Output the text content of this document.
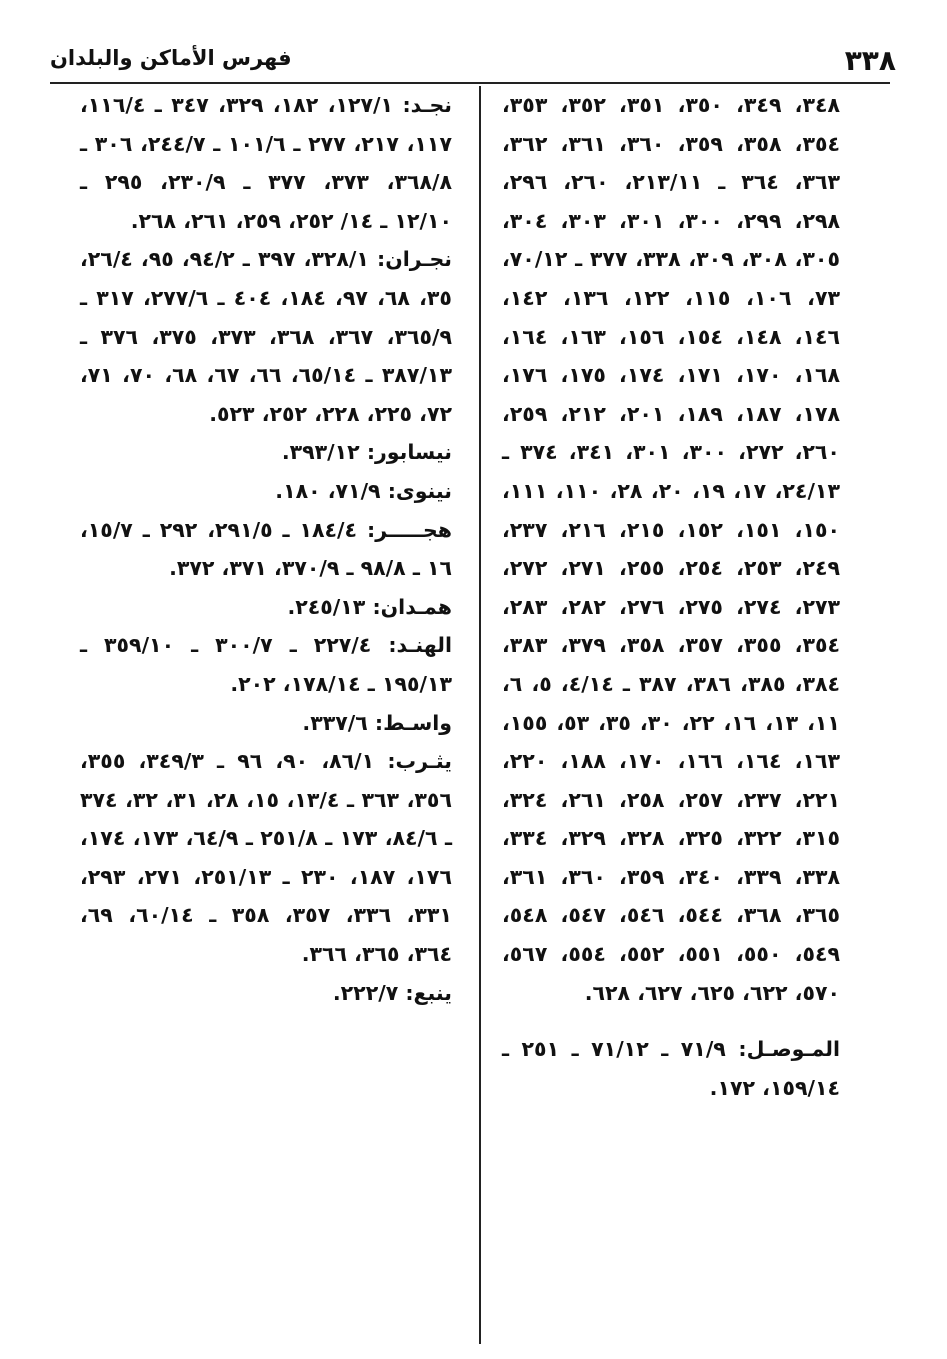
٣٣٨
فهرس الأماكن والبلدان

٣٤٨، ٣٤٩، ٣٥٠، ٣٥١، ٣٥٢، ٣٥٣، ٣٥٤، ٣٥٨، ٣٥٩، ٣٦٠، ٣٦١، ٣٦٢، ٣٦٣، ٣٦٤ ـ ٢١٣/١١، ٢٦٠، ٢٩٦، ٢٩٨، ٢٩٩، ٣٠٠، ٣٠١، ٣٠٣، ٣٠٤، ٣٠٥، ٣٠٨، ٣٠٩، ٣٣٨، ٣٧٧ ـ ٧٠/١٢، ٧٣، ١٠٦، ١١٥، ١٢٢، ١٣٦، ١٤٢، ١٤٦، ١٤٨، ١٥٤، ١٥٦، ١٦٣، ١٦٤، ١٦٨، ١٧٠، ١٧١، ١٧٤، ١٧٥، ١٧٦، ١٧٨، ١٨٧، ١٨٩، ٢٠١، ٢١٢، ٢٥٩، ٢٦٠، ٢٧٢، ٣٠٠، ٣٠١، ٣٤١، ٣٧٤ ـ ٢٤/١٣، ١٧، ١٩، ٢٠، ٢٨، ١١٠، ١١١، ١٥٠، ١٥١، ١٥٢، ٢١٥، ٢١٦، ٢٣٧، ٢٤٩، ٢٥٣، ٢٥٤، ٢٥٥، ٢٧١، ٢٧٢، ٢٧٣، ٢٧٤، ٢٧٥، ٢٧٦، ٢٨٢، ٢٨٣، ٣٥٤، ٣٥٥، ٣٥٧، ٣٥٨، ٣٧٩، ٣٨٣، ٣٨٤، ٣٨٥، ٣٨٦، ٣٨٧ ـ ٤/١٤، ٥، ٦، ١١، ١٣، ١٦، ٢٢، ٣٠، ٣٥، ٥٣، ١٥٥، ١٦٣، ١٦٤، ١٦٦، ١٧٠، ١٨٨، ٢٢٠، ٢٢١، ٢٣٧، ٢٥٧، ٢٥٨، ٢٦١، ٣٢٤، ٣١٥، ٣٢٢، ٣٢٥، ٣٢٨، ٣٢٩، ٣٣٤، ٣٣٨، ٣٣٩، ٣٤٠، ٣٥٩، ٣٦٠، ٣٦١، ٣٦٥، ٣٦٨، ٥٤٤، ٥٤٦، ٥٤٧، ٥٤٨، ٥٤٩، ٥٥٠، ٥٥١، ٥٥٢، ٥٥٤، ٥٦٧، ٥٧٠، ٦٢٢، ٦٢٥، ٦٢٧، ٦٢٨.

المـوصـل: ٧١/٩ ـ ٧١/١٢ ـ ٢٥١ ـ ١٥٩/١٤، ١٧٢.

نجـد: ١٢٧/١، ١٨٢، ٣٢٩، ٣٤٧ ـ ١١٦/٤، ١١٧، ٢١٧، ٢٧٧ ـ ١٠١/٦ ـ ٢٤٤/٧، ٣٠٦ ـ ٣٦٨/٨، ٣٧٣، ٣٧٧ ـ ٢٣٠/٩، ٢٩٥ ـ ١٢/١٠ ـ ١٤/ ٢٥٢، ٢٥٩، ٢٦١، ٢٦٨.

نجـران: ٣٢٨/١، ٣٩٧ ـ ٩٤/٢، ٩٥، ٢٦/٤، ٣٥، ٦٨، ٩٧، ١٨٤، ٤٠٤ ـ ٢٧٧/٦، ٣١٧ ـ ٣٦٥/٩، ٣٦٧، ٣٦٨، ٣٧٣، ٣٧٥، ٣٧٦ ـ ٣٨٧/١٣ ـ ٦٥/١٤، ٦٦، ٦٧، ٦٨، ٧٠، ٧١، ٧٢، ٢٢٥، ٢٢٨، ٢٥٢، ٥٢٣.

نيسابور: ٣٩٣/١٢.

نينوى: ٧١/٩، ١٨٠.

هجـــــر: ١٨٤/٤ ـ ٢٩١/٥، ٢٩٢ ـ ١٥/٧، ١٦ ـ ٩٨/٨ ـ ٣٧٠/٩، ٣٧١، ٣٧٢.

همـدان: ٢٤٥/١٣.

الهنـد: ٢٢٧/٤ ـ ٣٠٠/٧ ـ ٣٥٩/١٠ ـ ١٩٥/١٣ ـ ١٧٨/١٤، ٢٠٢.

واسـط: ٣٣٧/٦.

يثـرب: ٨٦/١، ٩٠، ٩٦ ـ ٣٤٩/٣، ٣٥٥، ٣٥٦، ٣٦٣ ـ ١٣/٤، ١٥، ٢٨، ٣١، ٣٢، ٣٧٤ ـ ٨٤/٦، ١٧٣ ـ ٢٥١/٨ ـ ٦٤/٩، ١٧٣، ١٧٤، ١٧٦، ١٨٧، ٢٣٠ ـ ٢٥١/١٣، ٢٧١، ٢٩٣، ٣٣١، ٣٣٦، ٣٥٧، ٣٥٨ ـ ٦٠/١٤، ٦٩، ٣٦٤، ٣٦٥، ٣٦٦.

ينبع: ٢٢٢/٧.
